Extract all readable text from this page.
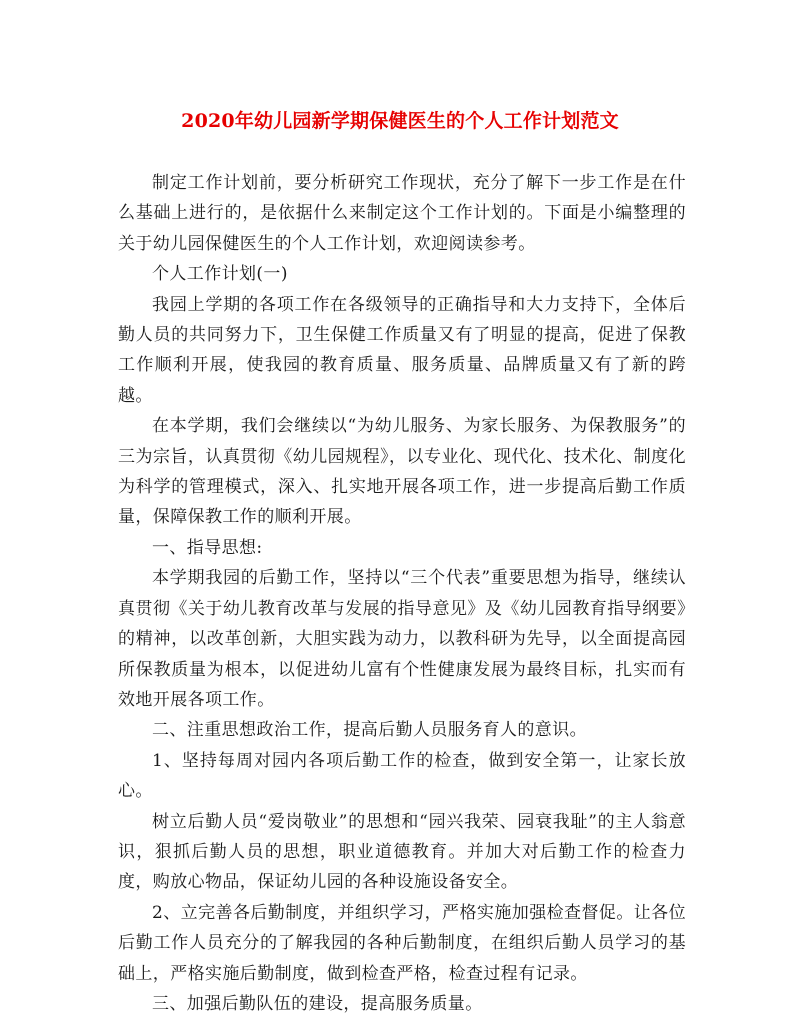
2020年幼儿园新学期保健医生的个人工作计划范文

制定工作计划前，要分析研究工作现状，充分了解下一步工作是在什么基础上进行的，是依据什么来制定这个工作计划的。下面是小编整理的关于幼儿园保健医生的个人工作计划，欢迎阅读参考。

个人工作计划(一)

我园上学期的各项工作在各级领导的正确指导和大力支持下，全体后勤人员的共同努力下，卫生保健工作质量又有了明显的提高，促进了保教工作顺利开展，使我园的教育质量、服务质量、品牌质量又有了新的跨越。

在本学期，我们会继续以“为幼儿服务、为家长服务、为保教服务”的三为宗旨，认真贯彻《幼儿园规程》，以专业化、现代化、技术化、制度化为科学的管理模式，深入、扎实地开展各项工作，进一步提高后勤工作质量，保障保教工作的顺利开展。

一、指导思想:

本学期我园的后勤工作，坚持以“三个代表”重要思想为指导，继续认真贯彻《关于幼儿教育改革与发展的指导意见》及《幼儿园教育指导纲要》的精神，以改革创新，大胆实践为动力，以教科研为先导，以全面提高园所保教质量为根本，以促进幼儿富有个性健康发展为最终目标，扎实而有效地开展各项工作。

二、注重思想政治工作，提高后勤人员服务育人的意识。

1、坚持每周对园内各项后勤工作的检查，做到安全第一，让家长放心。

树立后勤人员“爱岗敬业”的思想和“园兴我荣、园衰我耻”的主人翁意识，狠抓后勤人员的思想，职业道德教育。并加大对后勤工作的检查力度，购放心物品，保证幼儿园的各种设施设备安全。

2、立完善各后勤制度，并组织学习，严格实施加强检查督促。让各位后勤工作人员充分的了解我园的各种后勤制度，在组织后勤人员学习的基础上，严格实施后勤制度，做到检查严格，检查过程有记录。

三、加强后勤队伍的建设，提高服务质量。
